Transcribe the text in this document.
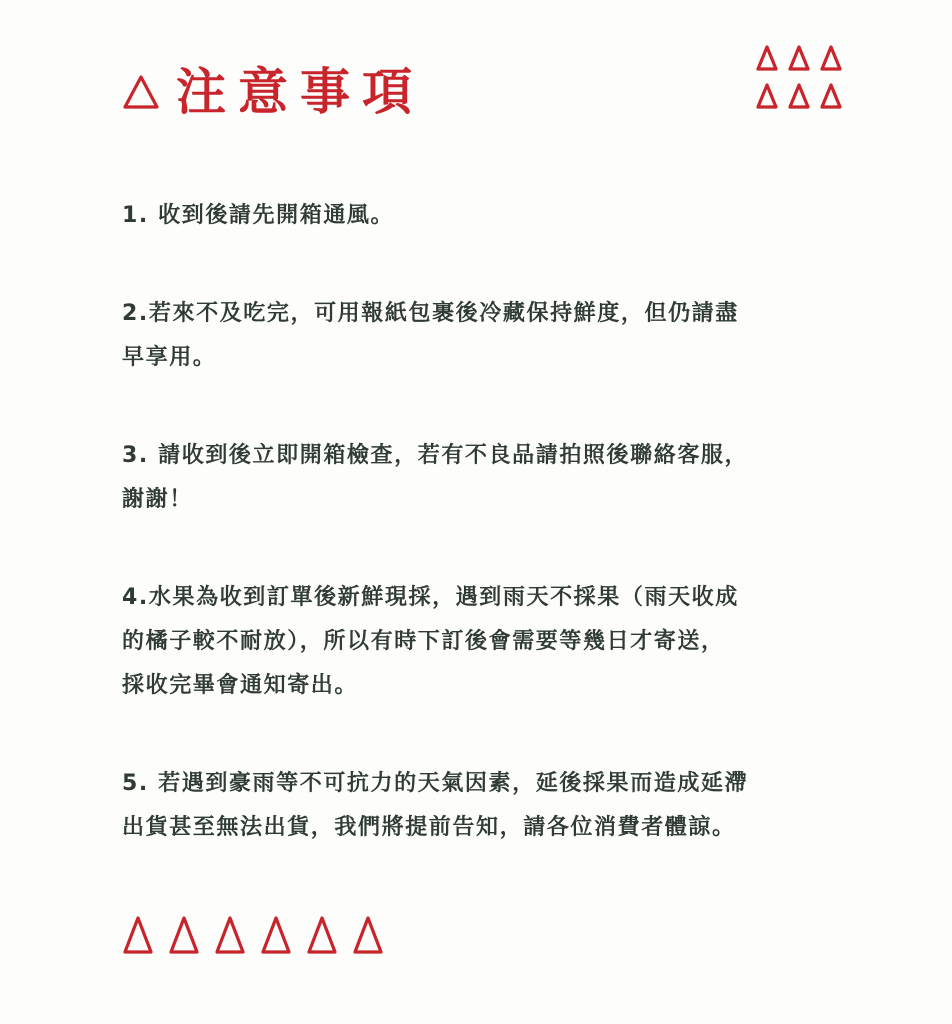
注意事項

1. 收到後請先開箱通風。

2.若來不及吃完，可用報紙包裹後冷藏保持鮮度，但仍請盡

早享用。

3. 請收到後立即開箱檢查，若有不良品請拍照後聯絡客服，

謝謝！

4.水果為收到訂單後新鮮現採，遇到雨天不採果（雨天收成

的橘子較不耐放），所以有時下訂後會需要等幾日才寄送，

採收完畢會通知寄出。

5. 若遇到豪雨等不可抗力的天氣因素，延後採果而造成延滯

出貨甚至無法出貨，我們將提前告知，請各位消費者體諒。
